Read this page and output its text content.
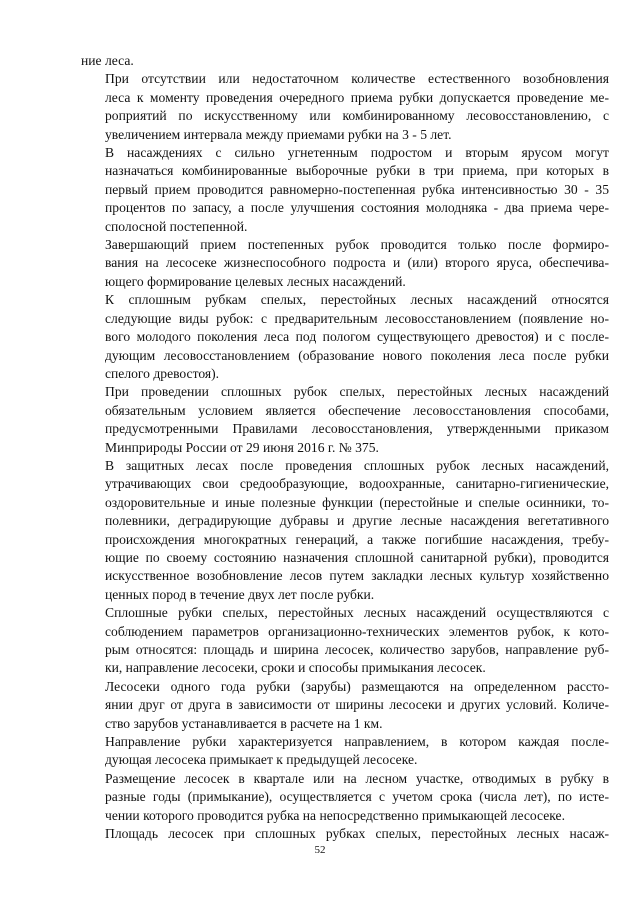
ние леса.

При отсутствии или недостаточном количестве естественного возобновления
леса к моменту проведения очередного приема рубки допускается проведение ме-
роприятий по искусственному или комбинированному лесовосстановлению, с
увеличением интервала между приемами рубки на 3 - 5 лет.

В насаждениях с сильно угнетенным подростом и вторым ярусом могут
назначаться комбинированные выборочные рубки в три приема, при которых в
первый прием проводится равномерно-постепенная рубка интенсивностью 30 - 35
процентов по запасу, а после улучшения состояния молодняка - два приема чере-
сполосной постепенной.

Завершающий прием постепенных рубок проводится только после формиро-
вания на лесосеке жизнеспособного подроста и (или) второго яруса, обеспечива-
ющего формирование целевых лесных насаждений.

К сплошным рубкам спелых, перестойных лесных насаждений относятся
следующие виды рубок: с предварительным лесовосстановлением (появление но-
вого молодого поколения леса под пологом существующего древостоя) и с после-
дующим лесовосстановлением (образование нового поколения леса после рубки
спелого древостоя).

При проведении сплошных рубок спелых, перестойных лесных насаждений
обязательным условием является обеспечение лесовосстановления способами,
предусмотренными Правилами лесовосстановления, утвержденными приказом
Минприроды России от 29 июня 2016 г. № 375.

В защитных лесах после проведения сплошных рубок лесных насаждений,
утрачивающих свои средообразующие, водоохранные, санитарно-гигиенические,
оздоровительные и иные полезные функции (перестойные и спелые осинники, то-
полевники, деградирующие дубравы и другие лесные насаждения вегетативного
происхождения многократных генераций, а также погибшие насаждения, требу-
ющие по своему состоянию назначения сплошной санитарной рубки), проводится
искусственное возобновление лесов путем закладки лесных культур хозяйственно
ценных пород в течение двух лет после рубки.

Сплошные рубки спелых, перестойных лесных насаждений осуществляются с
соблюдением параметров организационно-технических элементов рубок, к кото-
рым относятся: площадь и ширина лесосек, количество зарубов, направление руб-
ки, направление лесосеки, сроки и способы примыкания лесосек.

Лесосеки одного года рубки (зарубы) размещаются на определенном рассто-
янии друг от друга в зависимости от ширины лесосеки и других условий. Количе-
ство зарубов устанавливается в расчете на 1 км.

Направление рубки характеризуется направлением, в котором каждая после-
дующая лесосека примыкает к предыдущей лесосеке.

Размещение лесосек в квартале или на лесном участке, отводимых в рубку в
разные годы (примыкание), осуществляется с учетом срока (числа лет), по исте-
чении которого проводится рубка на непосредственно примыкающей лесосеке.

Площадь лесосек при сплошных рубках спелых, перестойных лесных насаж-

52
